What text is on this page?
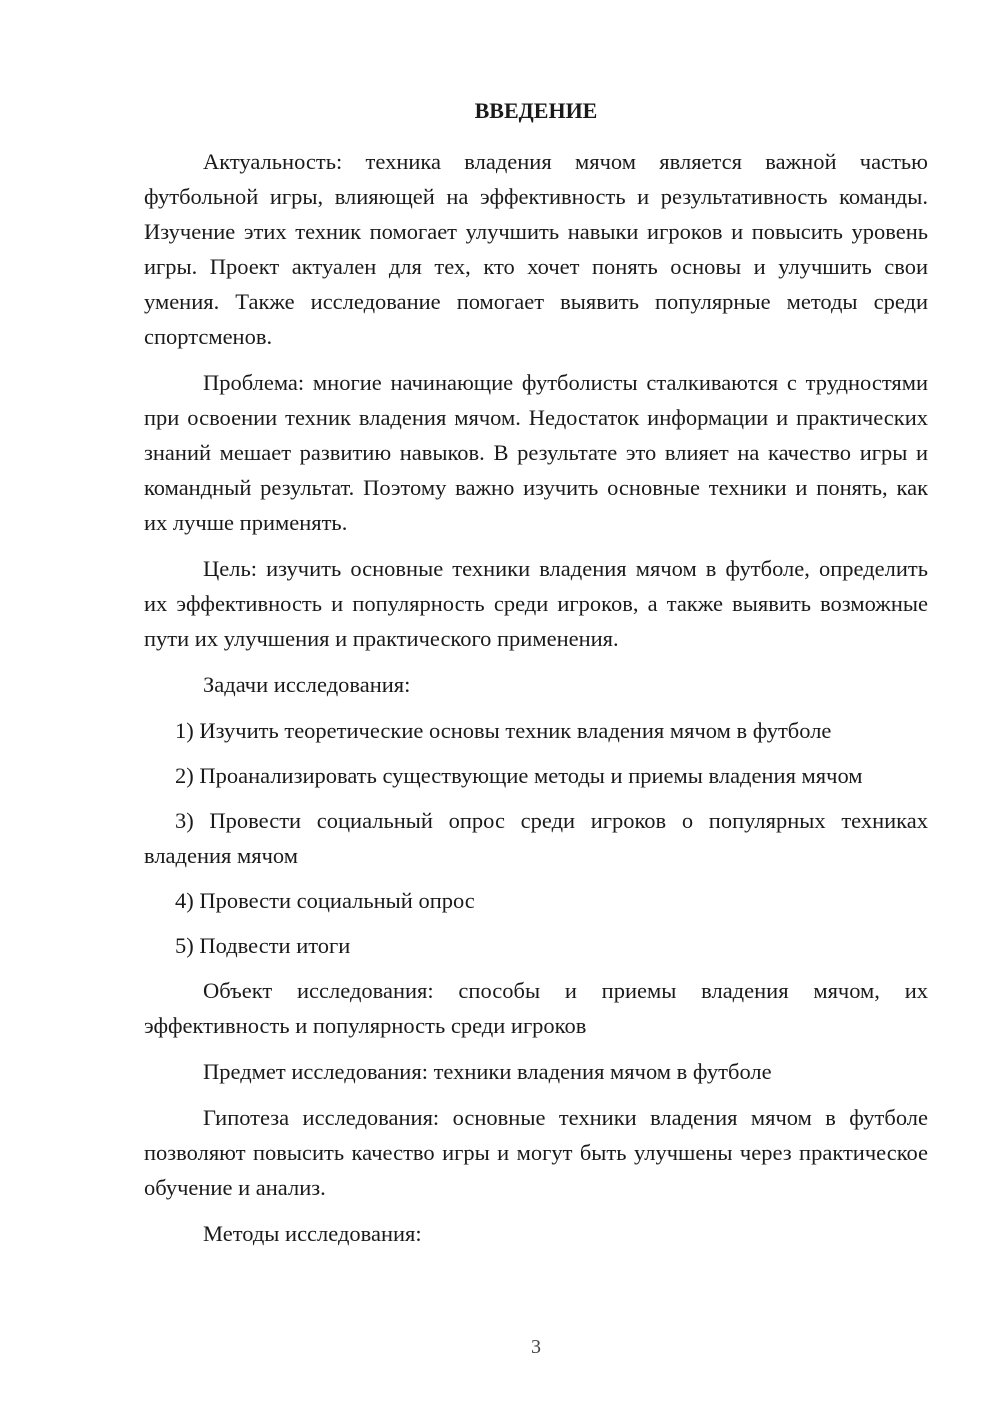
ВВЕДЕНИЕ

Актуальность: техника владения мячом является важной частью футбольной игры, влияющей на эффективность и результативность команды. Изучение этих техник помогает улучшить навыки игроков и повысить уровень игры. Проект актуален для тех, кто хочет понять основы и улучшить свои умения. Также исследование помогает выявить популярные методы среди спортсменов.

Проблема: многие начинающие футболисты сталкиваются с трудностями при освоении техник владения мячом. Недостаток информации и практических знаний мешает развитию навыков. В результате это влияет на качество игры и командный результат. Поэтому важно изучить основные техники и понять, как их лучше применять.

Цель: изучить основные техники владения мячом в футболе, определить их эффективность и популярность среди игроков, а также выявить возможные пути их улучшения и практического применения.

Задачи исследования:

1) Изучить теоретические основы техник владения мячом в футболе

2) Проанализировать существующие методы и приемы владения мячом

3) Провести социальный опрос среди игроков о популярных техниках владения мячом

4) Провести социальный опрос

5) Подвести итоги

Объект исследования: способы и приемы владения мячом, их эффективность и популярность среди игроков

Предмет исследования: техники владения мячом в футболе

Гипотеза исследования: основные техники владения мячом в футболе позволяют повысить качество игры и могут быть улучшены через практическое обучение и анализ.

Методы исследования:

3
